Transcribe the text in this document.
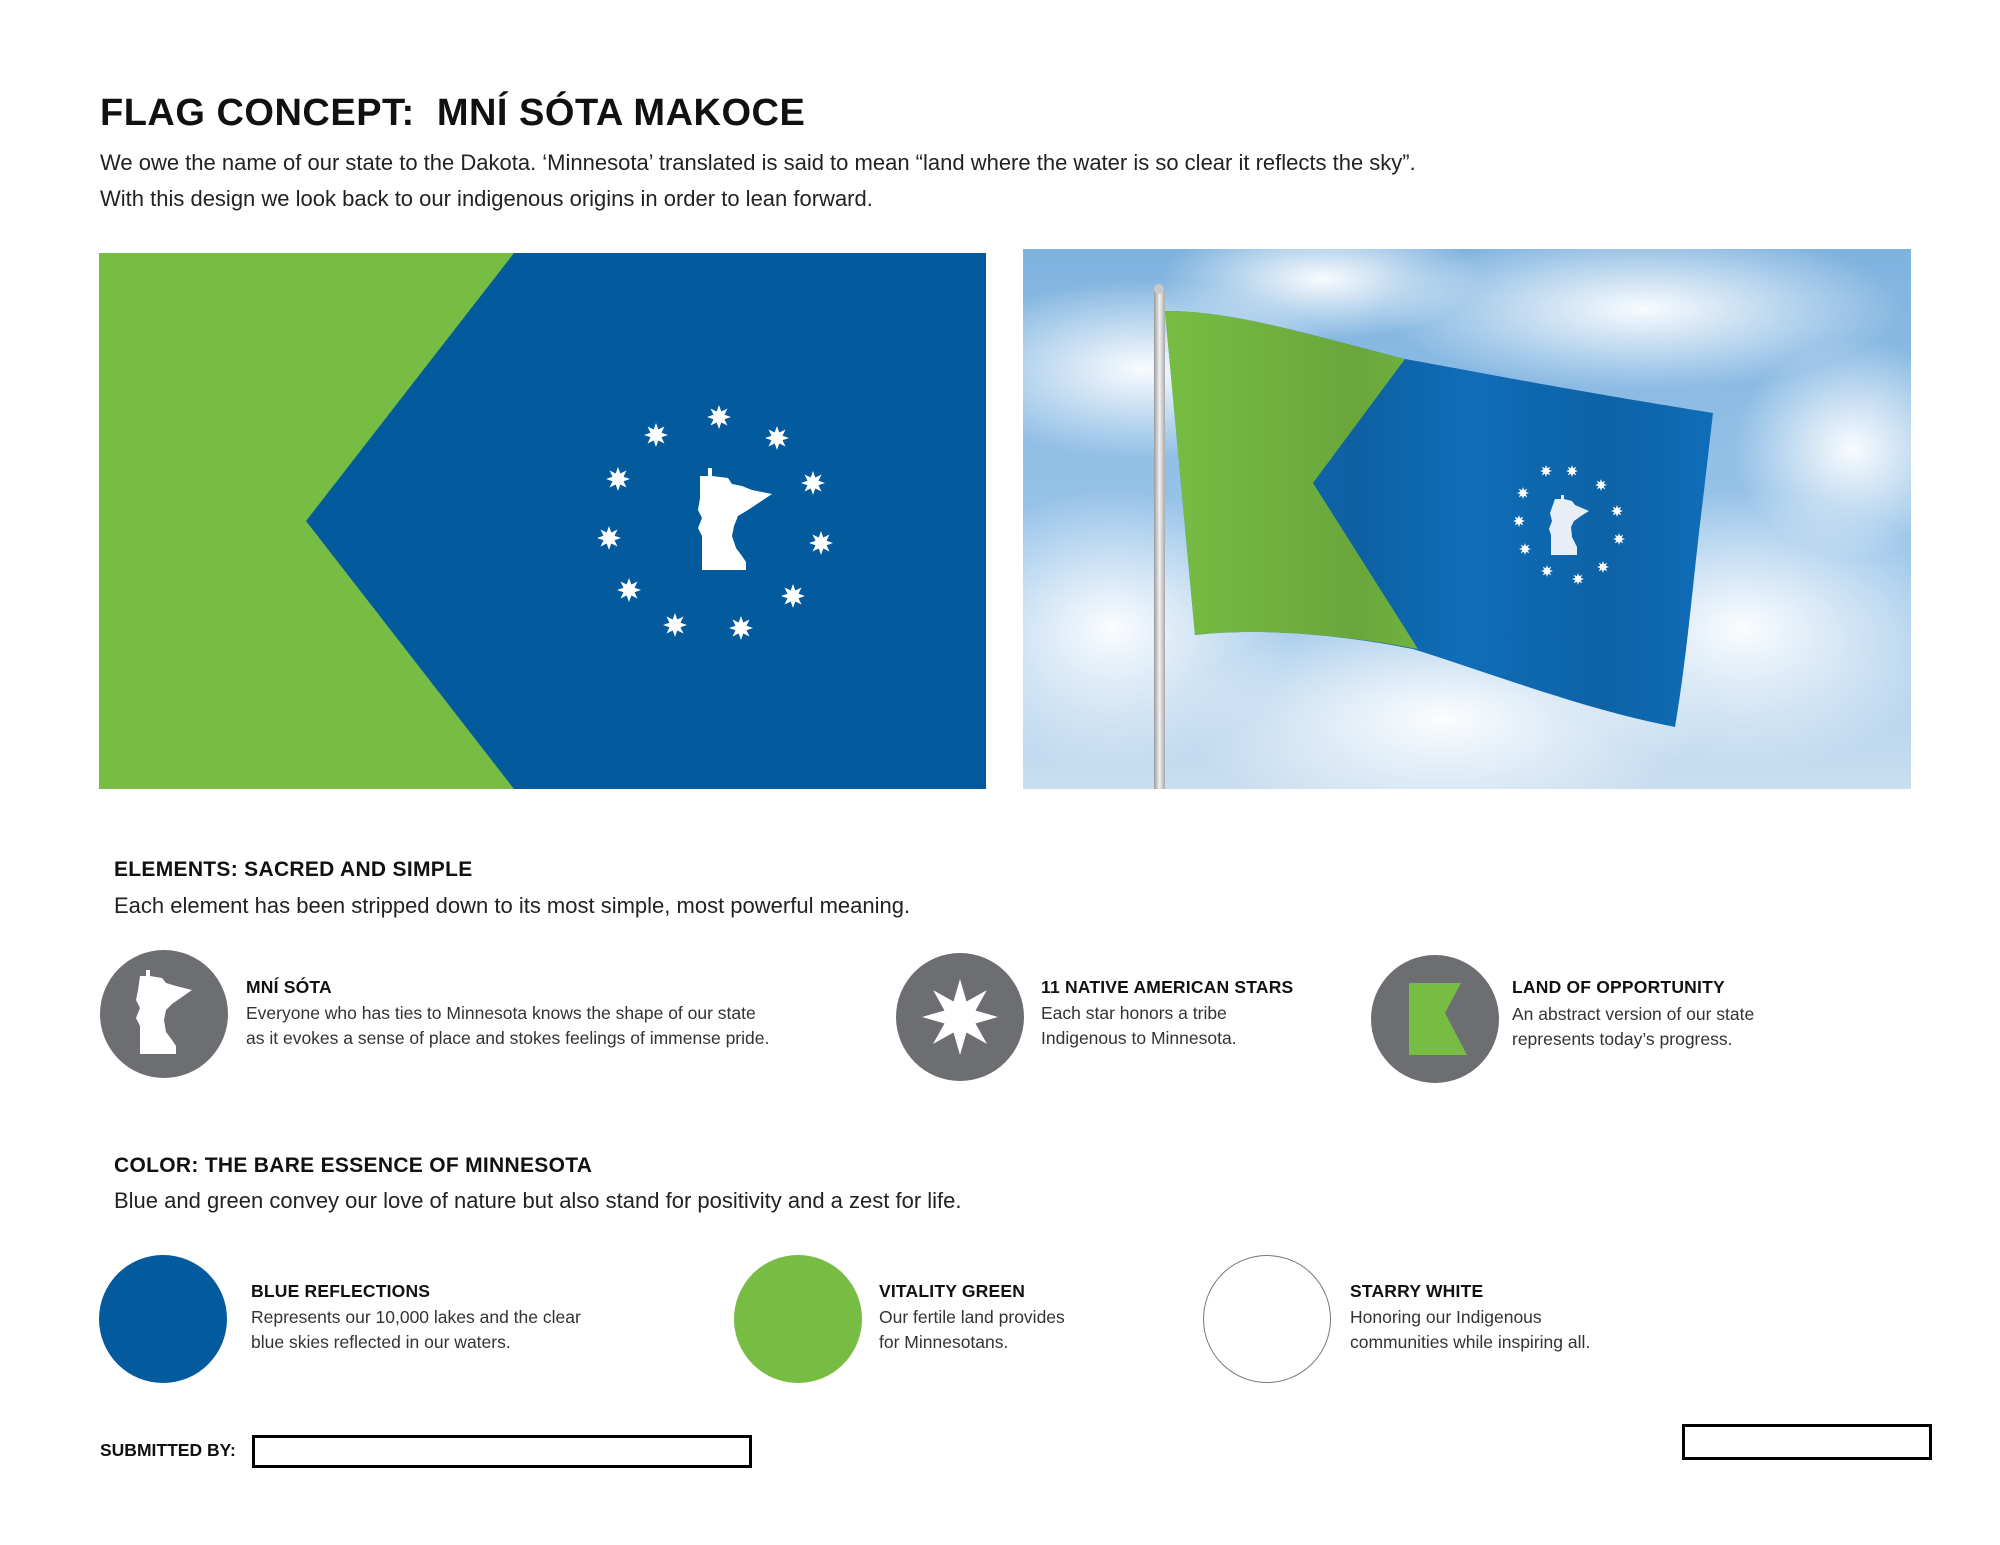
FLAG CONCEPT:  MNÍ SÓTA MAKOCE
We owe the name of our state to the Dakota. ‘Minnesota’ translated is said to mean “land where the water is so clear it reflects the sky”.
With this design we look back to our indigenous origins in order to lean forward.
ELEMENTS: SACRED AND SIMPLE
Each element has been stripped down to its most simple, most powerful meaning.
MNÍ SÓTA
Everyone who has ties to Minnesota knows the shape of our state
as it evokes a sense of place and stokes feelings of immense pride.
11 NATIVE AMERICAN STARS
Each star honors a tribe
Indigenous to Minnesota.
LAND OF OPPORTUNITY
An abstract version of our state
represents today’s progress.
COLOR: THE BARE ESSENCE OF MINNESOTA
Blue and green convey our love of nature but also stand for positivity and a zest for life.
BLUE REFLECTIONS
Represents our 10,000 lakes and the clear
blue skies reflected in our waters.
VITALITY GREEN
Our fertile land provides
for Minnesotans.
STARRY WHITE
Honoring our Indigenous
communities while inspiring all.
SUBMITTED BY:
